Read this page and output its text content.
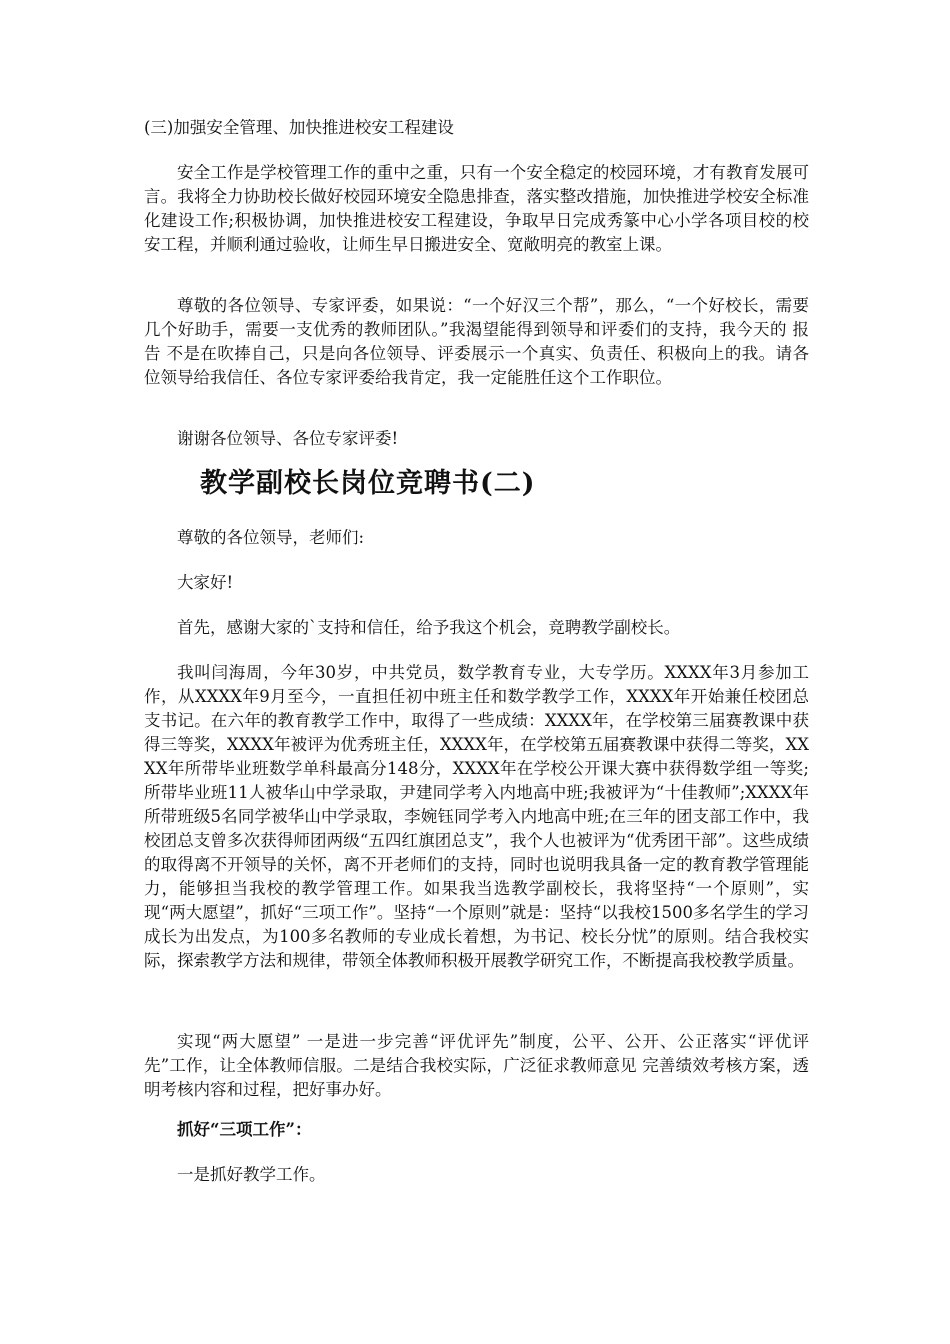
(三)加强安全管理、加快推进校安工程建设

安全工作是学校管理工作的重中之重，只有一个安全稳定的校园环境，才有教育发展可言。我将全力协助校长做好校园环境安全隐患排查，落实整改措施，加快推进学校安全标准化建设工作;积极协调，加快推进校安工程建设，争取早日完成秀篆中心小学各项目校的校安工程，并顺利通过验收，让师生早日搬进安全、宽敞明亮的教室上课。

尊敬的各位领导、专家评委，如果说：“一个好汉三个帮”，那么，“一个好校长，需要几个好助手，需要一支优秀的教师团队。”我渴望能得到领导和评委们的支持，我今天的 报告 不是在吹捧自己，只是向各位领导、评委展示一个真实、负责任、积极向上的我。请各位领导给我信任、各位专家评委给我肯定，我一定能胜任这个工作职位。

谢谢各位领导、各位专家评委!

教学副校长岗位竞聘书(二)

尊敬的各位领导，老师们:

大家好!

首先，感谢大家的`支持和信任，给予我这个机会，竞聘教学副校长。

我叫闫海周，今年30岁，中共党员，数学教育专业，大专学历。XXXX年3月参加工作，从XXXX年9月至今，一直担任初中班主任和数学教学工作，XXXX年开始兼任校团总支书记。在六年的教育教学工作中，取得了一些成绩：XXXX年，在学校第三届赛教课中获得三等奖，XXXX年被评为优秀班主任，XXXX年，在学校第五届赛教课中获得二等奖，XXXX年所带毕业班数学单科最高分148分，XXXX年在学校公开课大赛中获得数学组一等奖;所带毕业班11人被华山中学录取，尹建同学考入内地高中班;我被评为“十佳教师”;XXXX年所带班级5名同学被华山中学录取，李婉钰同学考入内地高中班;在三年的团支部工作中，我校团总支曾多次获得师团两级“五四红旗团总支”，我个人也被评为“优秀团干部”。这些成绩的取得离不开领导的关怀，离不开老师们的支持，同时也说明我具备一定的教育教学管理能力，能够担当我校的教学管理工作。如果我当选教学副校长，我将坚持“一个原则”，实现“两大愿望”，抓好“三项工作”。坚持“一个原则”就是：坚持“以我校1500多名学生的学习成长为出发点，为100多名教师的专业成长着想，为书记、校长分忧”的原则。结合我校实际，探索教学方法和规律，带领全体教师积极开展教学研究工作，不断提高我校教学质量。

实现“两大愿望” 一是进一步完善“评优评先”制度，公平、公开、公正落实“评优评先”工作，让全体教师信服。二是结合我校实际，广泛征求教师意见 完善绩效考核方案，透明考核内容和过程，把好事办好。

抓好“三项工作”：

一是抓好教学工作。
